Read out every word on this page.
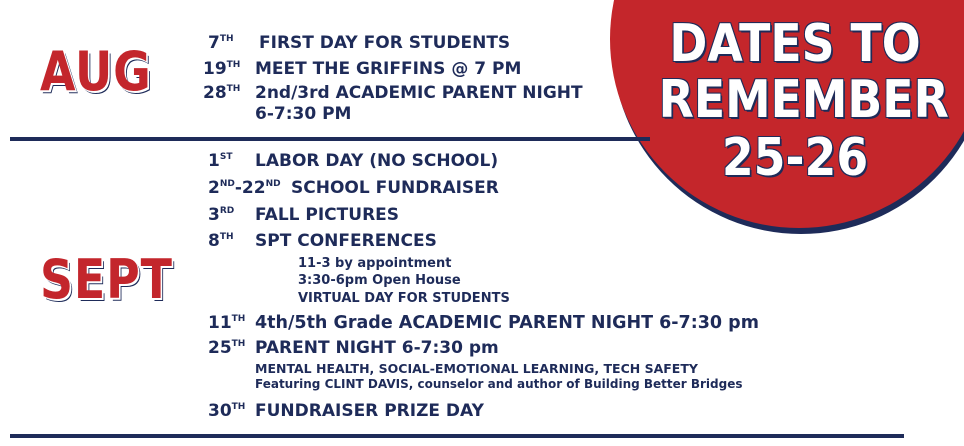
DATES TO
REMEMBER
25-26
AUG
SEPT
7TH FIRST DAY FOR STUDENTS
19TH MEET THE GRIFFINS @ 7 PM
28TH 2nd/3rd ACADEMIC PARENT NIGHT
6-7:30 PM
1ST LABOR DAY (NO SCHOOL)
2ND-22ND SCHOOL FUNDRAISER
3RD FALL PICTURES
8TH SPT CONFERENCES
11-3 by appointment
3:30-6pm Open House
VIRTUAL DAY FOR STUDENTS
11TH 4th/5th Grade ACADEMIC PARENT NIGHT 6-7:30 pm
25TH PARENT NIGHT 6-7:30 pm
MENTAL HEALTH, SOCIAL-EMOTIONAL LEARNING, TECH SAFETY
Featuring CLINT DAVIS, counselor and author of Building Better Bridges
30TH FUNDRAISER PRIZE DAY
